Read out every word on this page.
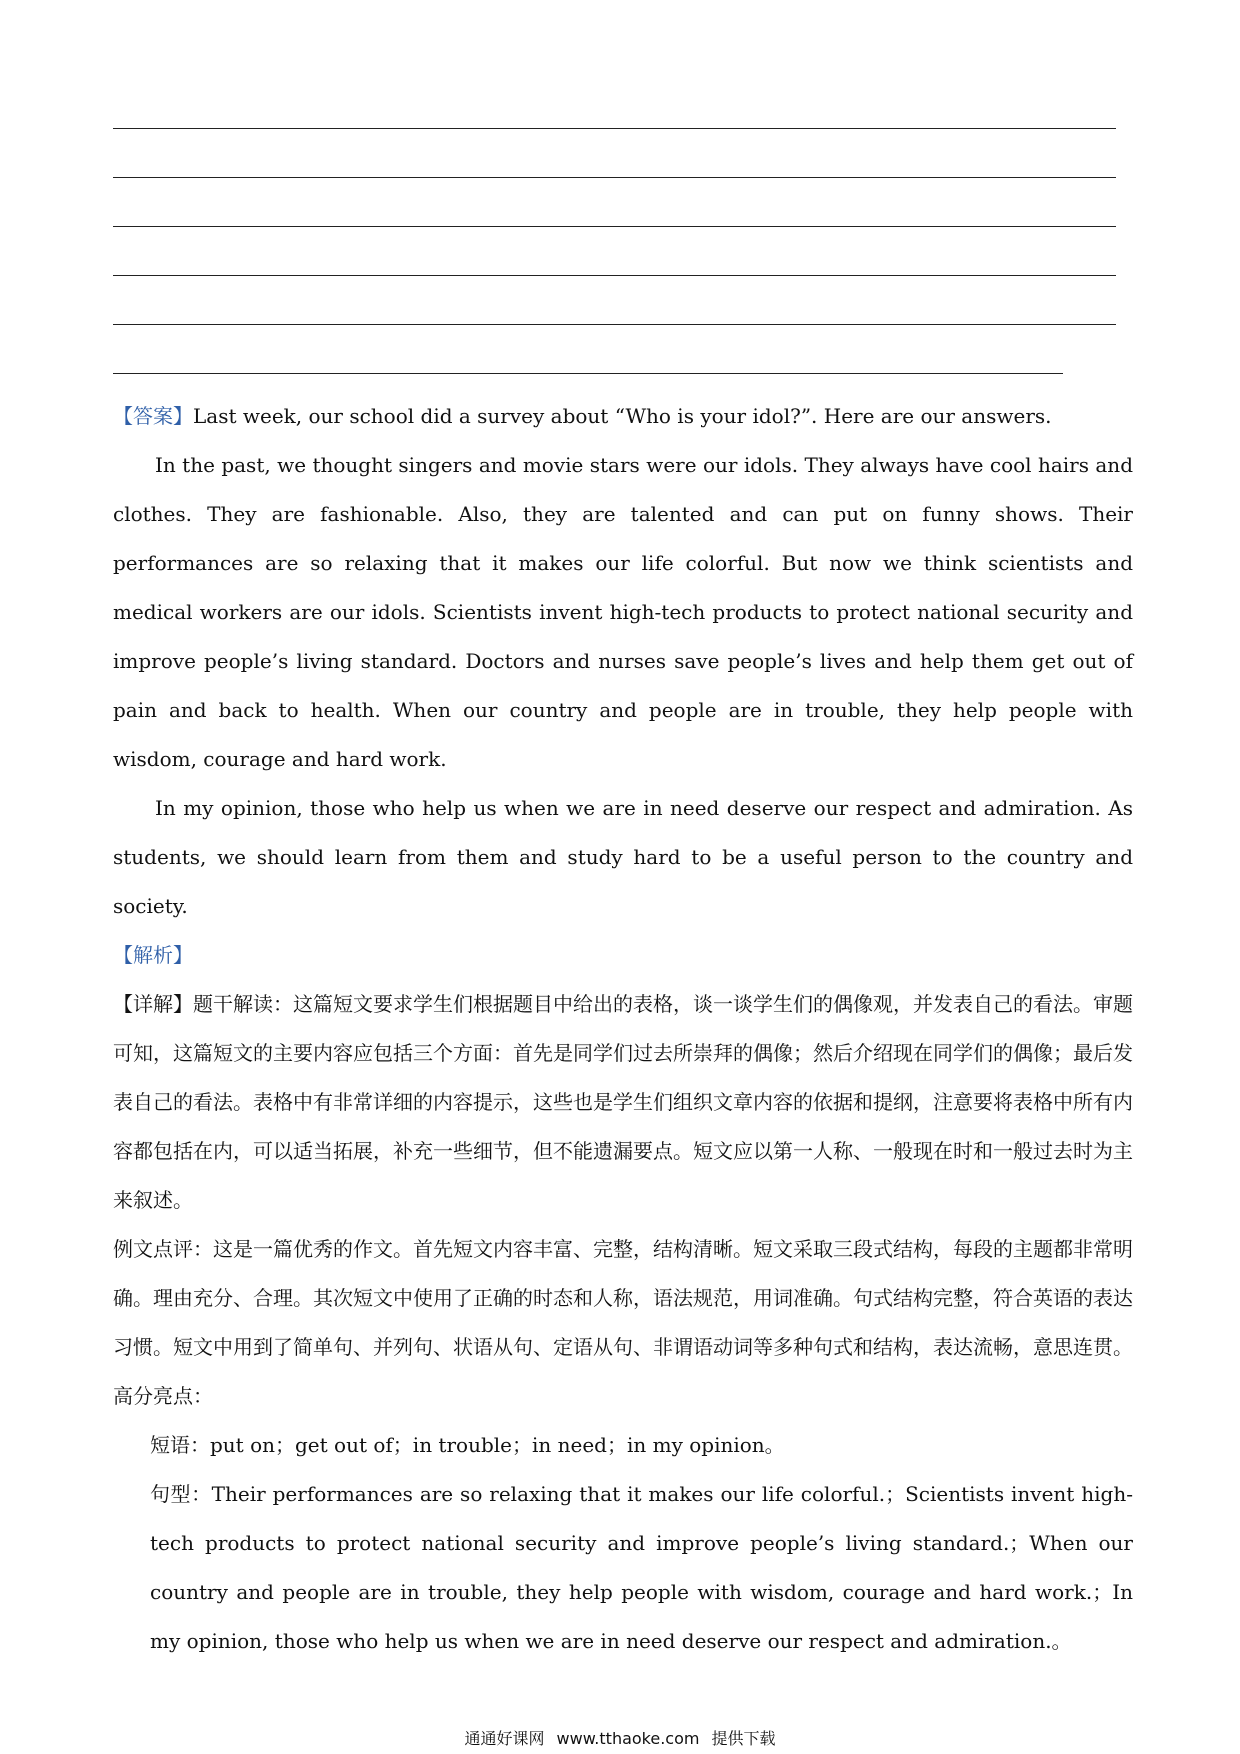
【答案】Last week, our school did a survey about “Who is your idol?”. Here are our answers.

In the past, we thought singers and movie stars were our idols. They always have cool hairs and clothes. They are fashionable. Also, they are talented and can put on funny shows. Their performances are so relaxing that it makes our life colorful. But now we think scientists and medical workers are our idols. Scientists invent high-tech products to protect national security and improve people’s living standard. Doctors and nurses save people’s lives and help them get out of pain and back to health. When our country and people are in trouble, they help people with wisdom, courage and hard work.

In my opinion, those who help us when we are in need deserve our respect and admiration. As students, we should learn from them and study hard to be a useful person to the country and society.

【解析】

【详解】题干解读：这篇短文要求学生们根据题目中给出的表格，谈一谈学生们的偶像观，并发表自己的看法。审题可知，这篇短文的主要内容应包括三个方面：首先是同学们过去所崇拜的偶像；然后介绍现在同学们的偶像；最后发表自己的看法。表格中有非常详细的内容提示，这些也是学生们组织文章内容的依据和提纲，注意要将表格中所有内容都包括在内，可以适当拓展，补充一些细节，但不能遗漏要点。短文应以第一人称、一般现在时和一般过去时为主来叙述。

例文点评：这是一篇优秀的作文。首先短文内容丰富、完整，结构清晰。短文采取三段式结构，每段的主题都非常明确。理由充分、合理。其次短文中使用了正确的时态和人称，语法规范，用词准确。句式结构完整，符合英语的表达习惯。短文中用到了简单句、并列句、状语从句、定语从句、非谓语动词等多种句式和结构，表达流畅，意思连贯。

高分亮点：

短语：put on；get out of；in trouble；in need；in my opinion。

句型：Their performances are so relaxing that it makes our life colorful.；Scientists invent high-tech products to protect national security and improve people’s living standard.；When our country and people are in trouble, they help people with wisdom, courage and hard work.；In my opinion, those who help us when we are in need deserve our respect and admiration.。

通通好课网 www.tthaoke.com 提供下载
